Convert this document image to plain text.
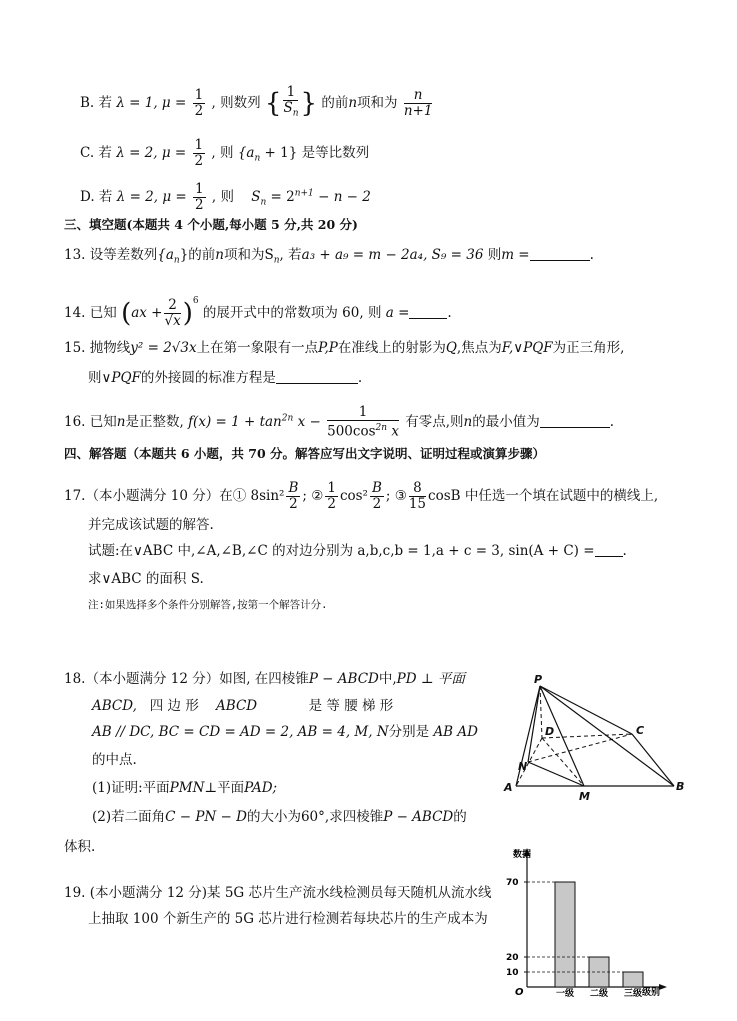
B. 若 λ = 1, $\mu = \frac{1}{2}$ , 则数列 { $\frac{1}{S_n}$ } 的前n项和为 $\frac{n}{n+1}$
C. 若 λ = 2, $\mu = \frac{1}{2}$ , 则 $\{a_n + 1\}$ 是等比数列
D. 若 λ = 2, $\mu = \frac{1}{2}$ , 则 $S_n = 2^{n+1} - n - 2$
三、填空题(本题共 4 个小题,每小题 5 分,共 20 分)
13. 设等差数列$\{a_n\}$的前n项和为$S_n$, 若a₃ + a₉ = m − 2a₄, S₉ = 36 则m =	.
14. 已知 $(ax + \frac{2}{√x} )^6$ 的展开式中的常数项为 60, 则 a =	.
15. 抛物线y² = 2√3x上在第一象限有一点P,P在准线上的射影为Q,焦点为F,∨PQF为正三角形,
则∨PQF的外接圆的标准方程是	.
16. 已知n是正整数, $f(x) = 1 + \tan^{2n} x - \frac{1}{500\cos^{2n} x}$ 有零点,则n的最小值为	.
四、解答题（本题共 6 小题，共 70 分。解答应写出文字说明、证明过程或演算步骤）
17.（本小题满分 10 分）在① $8\sin^2 \frac{B}{2}$ ; ② $\frac{1}{2} \cos^2 \frac{B}{2}$ ; ③ $\frac{8}{15}$ cosB 中任选一个填在试题中的横线上,
并完成该试题的解答.
试题:在∨ABC 中,∠A,∠B,∠C 的对边分别为 a,b,c,b = 1,a + c = 3, sin(A + C) = .
求∨ABC 的面积 S.
注:如果选择多个条件分别解答,按第一个解答计分.
18.（本小题满分 12 分）如图, 在四棱锥P − ABCD中,PD ⊥ 平面
ABCD, 四 边 形 ABCD	是 等 腰 梯 形
AB // DC, BC = CD = AD = 2, AB = 4, M, N分别是 AB AD
的中点.
(1)证明:平面PMN⊥平面PAD;
(2)若二面角C − PN − D的大小为60°,求四棱锥P − ABCD的
体积.
19. (本小题满分 12 分)某 5G 芯片生产流水线检测员每天随机从流水线
上抽取 100 个新生产的 5G 芯片进行检测若每块芯片的生产成本为
P
A	B
C
D
M
N
数据
级别
O
10
20
70
一级 二级 三级
